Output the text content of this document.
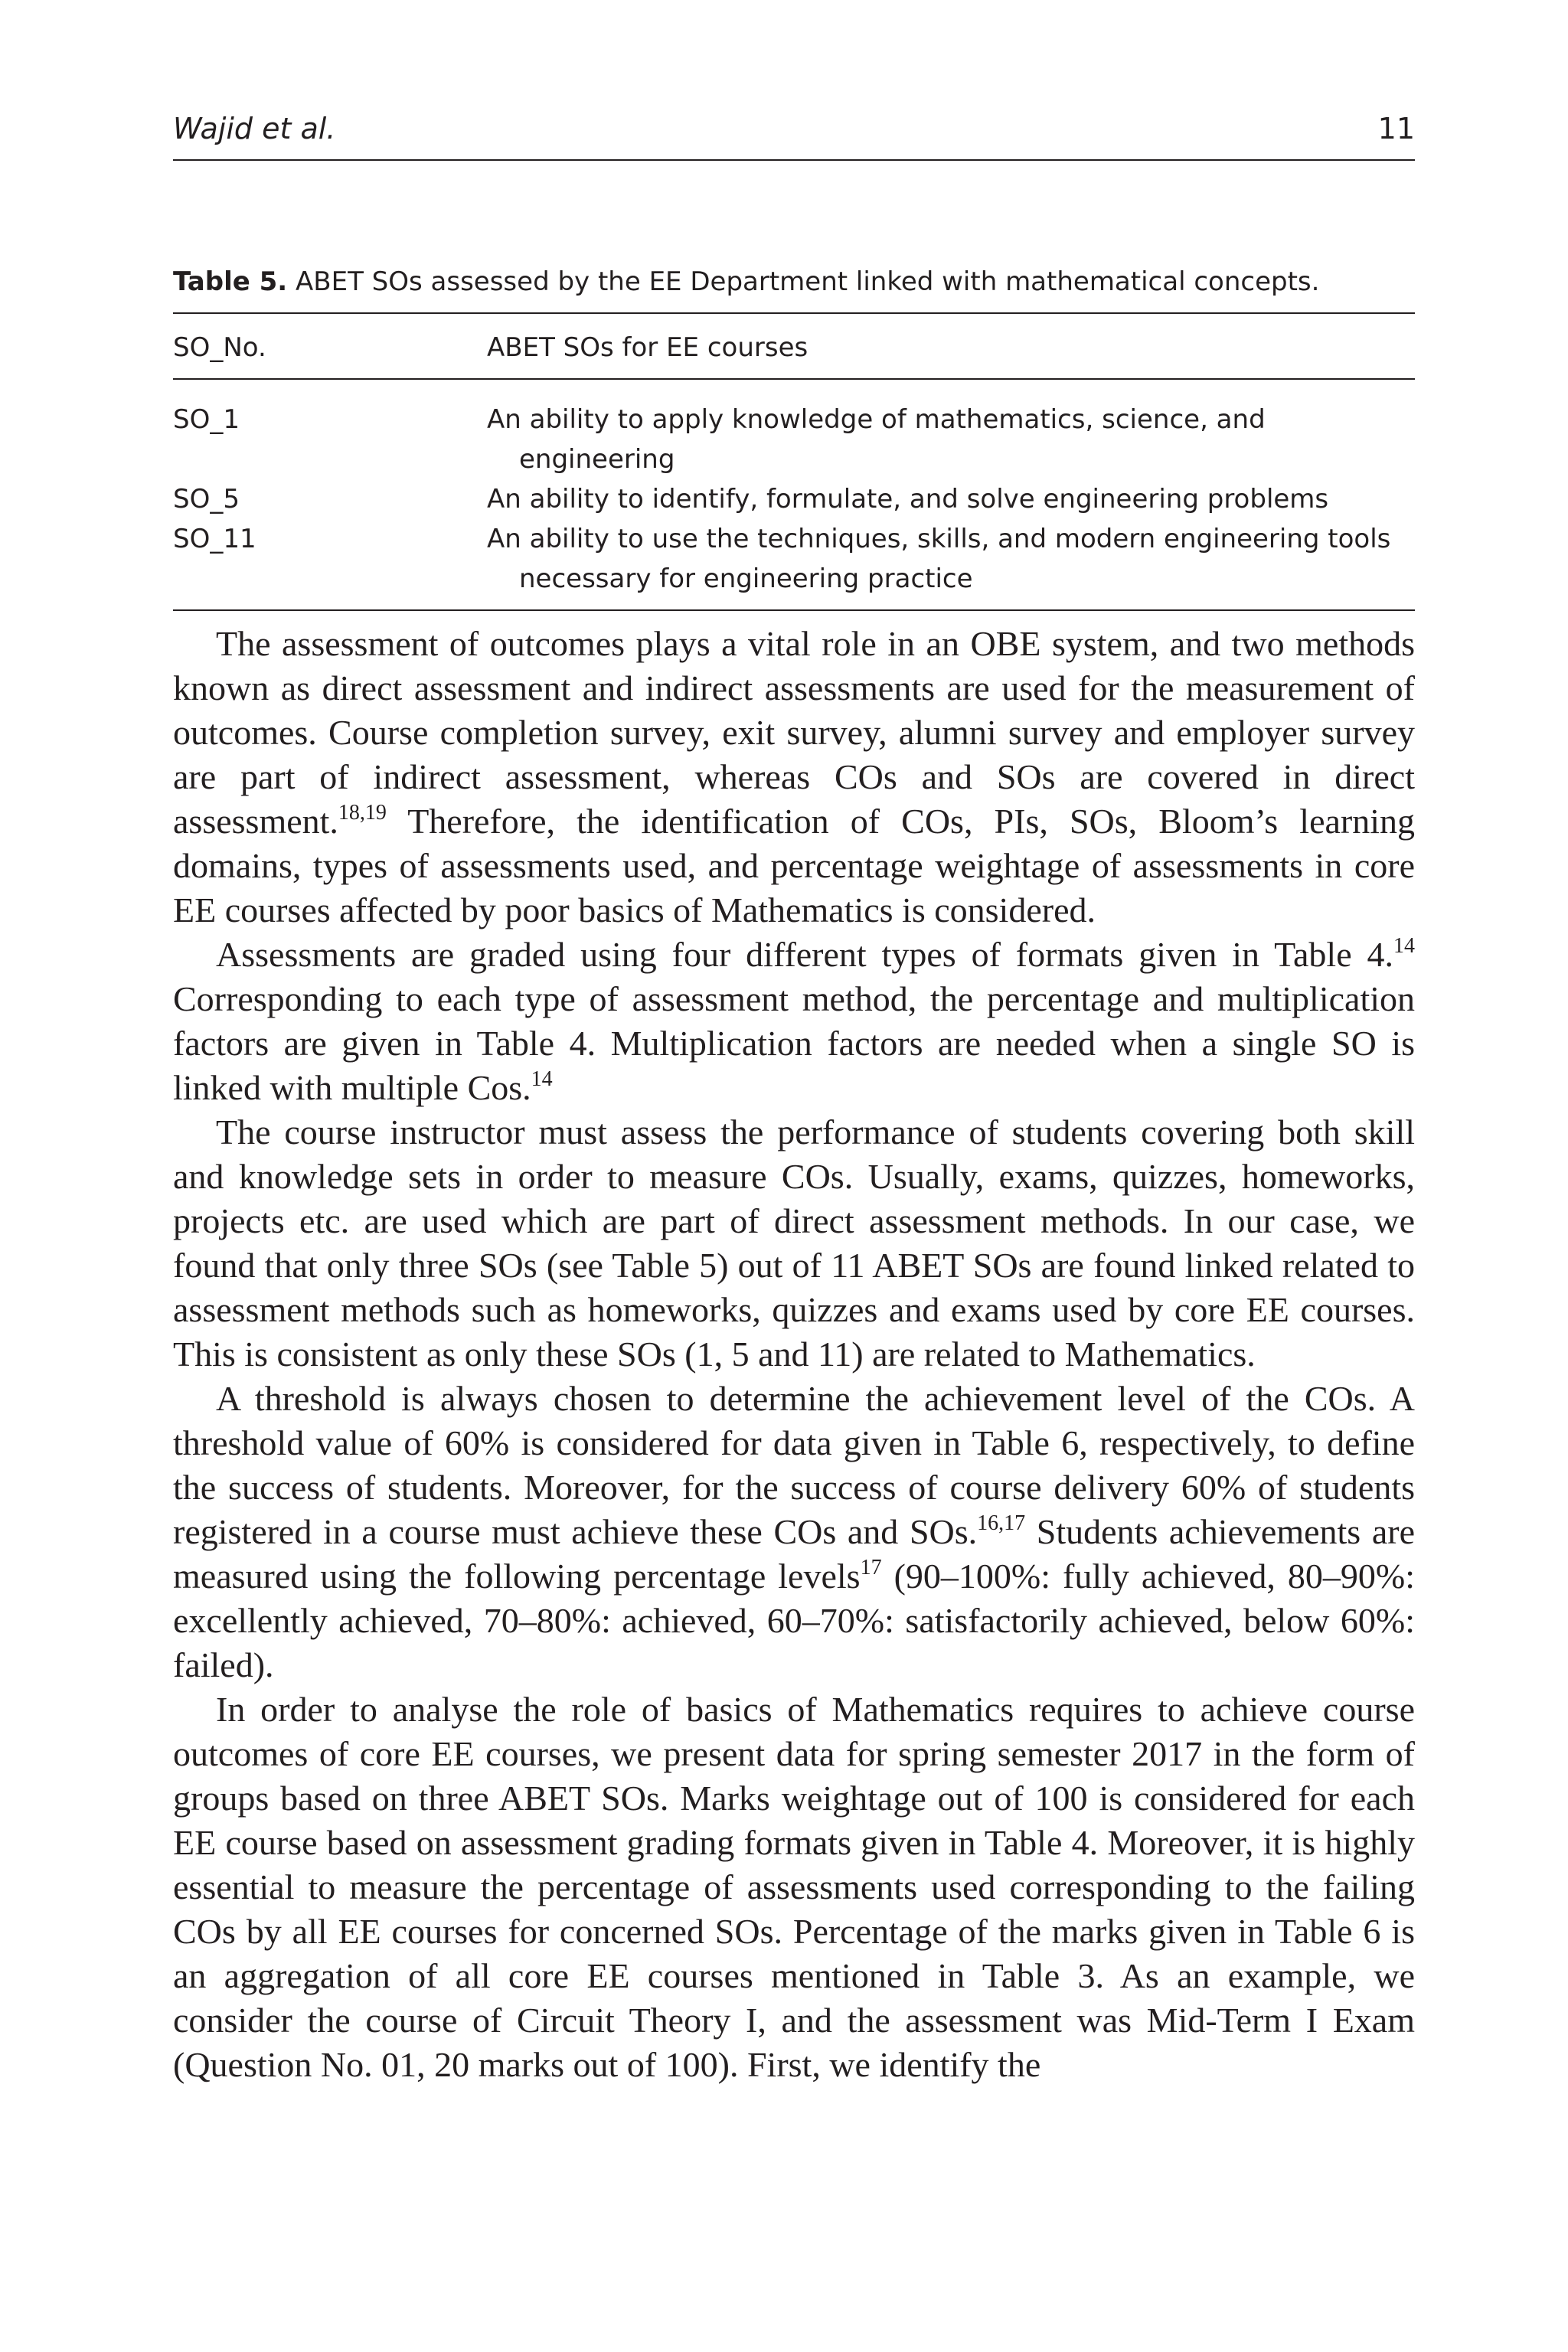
Wajid et al.	11

Table 5. ABET SOs assessed by the EE Department linked with mathematical concepts.

SO_No.	ABET SOs for EE courses
SO_1	An ability to apply knowledge of mathematics, science, and engineering
SO_5	An ability to identify, formulate, and solve engineering problems
SO_11	An ability to use the techniques, skills, and modern engineering tools necessary for engineering practice

The assessment of outcomes plays a vital role in an OBE system, and two methods known as direct assessment and indirect assessments are used for the measurement of outcomes. Course completion survey, exit survey, alumni survey and employer survey are part of indirect assessment, whereas COs and SOs are covered in direct assessment.$^{18,19}$ Therefore, the identification of COs, PIs, SOs, Bloom’s learning domains, types of assessments used, and percentage weightage of assessments in core EE courses affected by poor basics of Mathematics is considered.

Assessments are graded using four different types of formats given in Table 4.14 Corresponding to each type of assessment method, the percentage and multiplication factors are given in Table 4. Multiplication factors are needed when a single SO is linked with multiple Cos.$^{14}$

The course instructor must assess the performance of students covering both skill and knowledge sets in order to measure COs. Usually, exams, quizzes, homeworks, projects etc. are used which are part of direct assessment methods. In our case, we found that only three SOs (see Table 5) out of 11 ABET SOs are found linked related to assessment methods such as homeworks, quizzes and exams used by core EE courses. This is consistent as only these SOs (1, 5 and 11) are related to Mathematics.

A threshold is always chosen to determine the achievement level of the COs. A threshold value of 60% is considered for data given in Table 6, respectively, to define the success of students. Moreover, for the success of course delivery 60% of students registered in a course must achieve these COs and SOs.$^{16,17}$ Students achievements are measured using the following percentage levels$^{17}$ (90–100%: fully achieved, 80–90%: excellently achieved, 70–80%: achieved, 60–70%: satisfactorily achieved, below 60%: failed).

In order to analyse the role of basics of Mathematics requires to achieve course outcomes of core EE courses, we present data for spring semester 2017 in the form of groups based on three ABET SOs. Marks weightage out of 100 is considered for each EE course based on assessment grading formats given in Table 4. Moreover, it is highly essential to measure the percentage of assessments used corresponding to the failing COs by all EE courses for concerned SOs. Percentage of the marks given in Table 6 is an aggregation of all core EE courses mentioned in Table 3. As an example, we consider the course of Circuit Theory I, and the assessment was Mid-Term I Exam (Question No. 01, 20 marks out of 100). First, we identify the
